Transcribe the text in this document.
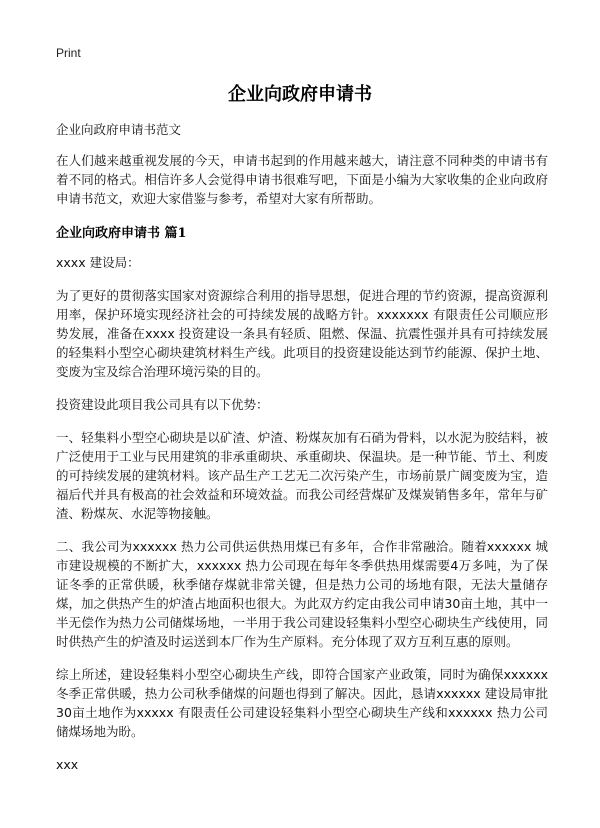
Print
企业向政府申请书

企业向政府申请书范文

在人们越来越重视发展的今天，申请书起到的作用越来越大，请注意不同种类的申请书有着不同的格式。相信许多人会觉得申请书很难写吧，下面是小编为大家收集的企业向政府申请书范文，欢迎大家借鉴与参考，希望对大家有所帮助。

企业向政府申请书 篇1

xxxx 建设局：

为了更好的贯彻落实国家对资源综合利用的指导思想，促进合理的节约资源，提高资源利用率，保护环境实现经济社会的可持续发展的战略方针。xxxxxxx 有限责任公司顺应形势发展，准备在xxxx 投资建设一条具有轻质、阻燃、保温、抗震性强并具有可持续发展的轻集料小型空心砌块建筑材料生产线。此项目的投资建设能达到节约能源、保护土地、变废为宝及综合治理环境污染的目的。

投资建设此项目我公司具有以下优势：

一、轻集料小型空心砌块是以矿渣、炉渣、粉煤灰加有石硝为骨料，以水泥为胶结料，被广泛使用于工业与民用建筑的非承重砌块、承重砌块、保温块。是一种节能、节土、利废的可持续发展的建筑材料。该产品生产工艺无二次污染产生，市场前景广阔变废为宝，造福后代并具有极高的社会效益和环境效益。而我公司经营煤矿及煤炭销售多年，常年与矿渣、粉煤灰、水泥等物接触。

二、我公司为xxxxxx 热力公司供运供热用煤已有多年，合作非常融洽。随着xxxxxx 城市建设规模的不断扩大，xxxxxx 热力公司现在每年冬季供热用煤需要4万多吨，为了保证冬季的正常供暖，秋季储存煤就非常关键，但是热力公司的场地有限，无法大量储存煤，加之供热产生的炉渣占地面积也很大。为此双方约定由我公司申请30亩土地，其中一半无偿作为热力公司储煤场地，一半用于我公司建设轻集料小型空心砌块生产线使用，同时供热产生的炉渣及时运送到本厂作为生产原料。充分体现了双方互利互惠的原则。

综上所述，建设轻集料小型空心砌块生产线，即符合国家产业政策，同时为确保xxxxxx 冬季正常供暖，热力公司秋季储煤的问题也得到了解决。因此，恳请xxxxxx 建设局审批30亩土地作为xxxxx 有限责任公司建设轻集料小型空心砌块生产线和xxxxxx 热力公司储煤场地为盼。

xxx
